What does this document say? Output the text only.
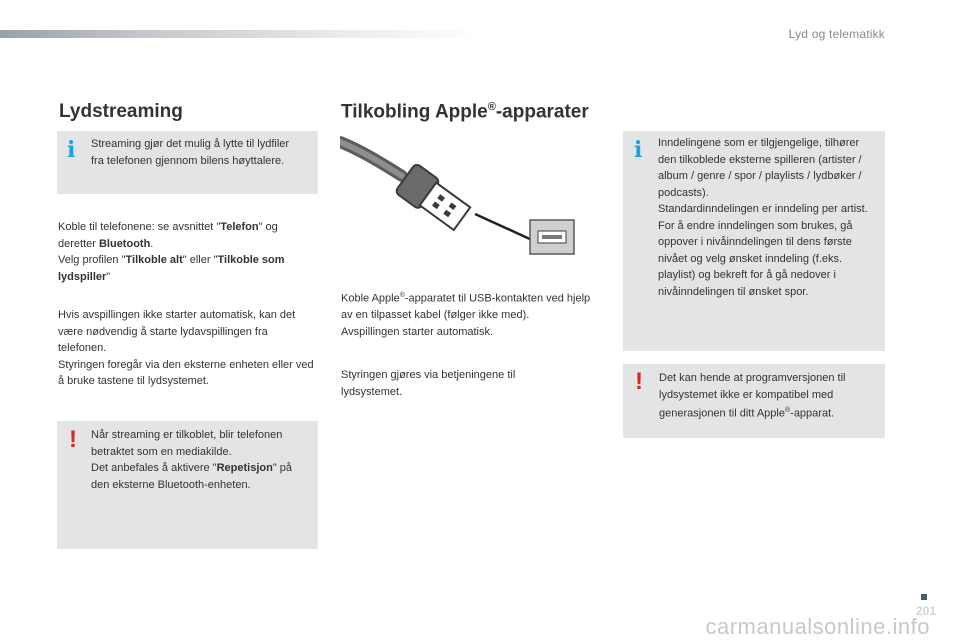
Lyd og telematikk
Lydstreaming
i Streaming gjør det mulig å lytte til lydfiler fra telefonen gjennom bilens høyttalere.

Koble til telefonene: se avsnittet "Telefon" og deretter Bluetooth.
Velg profilen "Tilkoble alt" eller "Tilkoble som lydspiller"

Hvis avspillingen ikke starter automatisk, kan det være nødvendig å starte lydavspillingen fra telefonen.

Styringen foregår via den eksterne enheten eller ved å bruke tastene til lydsystemet.

! Når streaming er tilkoblet, blir telefonen betraktet som en mediakilde.

Det anbefales å aktivere "Repetisjon" på den eksterne Bluetooth-enheten.

Tilkobling Apple®-apparater

Koble Apple®-apparatet til USB-kontakten ved hjelp av en tilpasset kabel (følger ikke med).
Avspillingen starter automatisk.

Styringen gjøres via betjeningene til lydsystemet.

i Inndelingene som er tilgjengelige, tilhører den tilkoblede eksterne spilleren (artister / album / genre / spor / playlists / lydbøker / podcasts).

Standardinndelingen er inndeling per artist. For å endre inndelingen som brukes, gå oppover i nivåinndelingen til dens første nivået og velg ønsket inndeling (f.eks. playlist) og bekreft for å gå nedover i nivåinndelingen til ønsket spor.

! Det kan hende at programversjonen til lydsystemet ikke er kompatibel med generasjonen til ditt Apple®-apparat.

201
carmanualsonline.info
